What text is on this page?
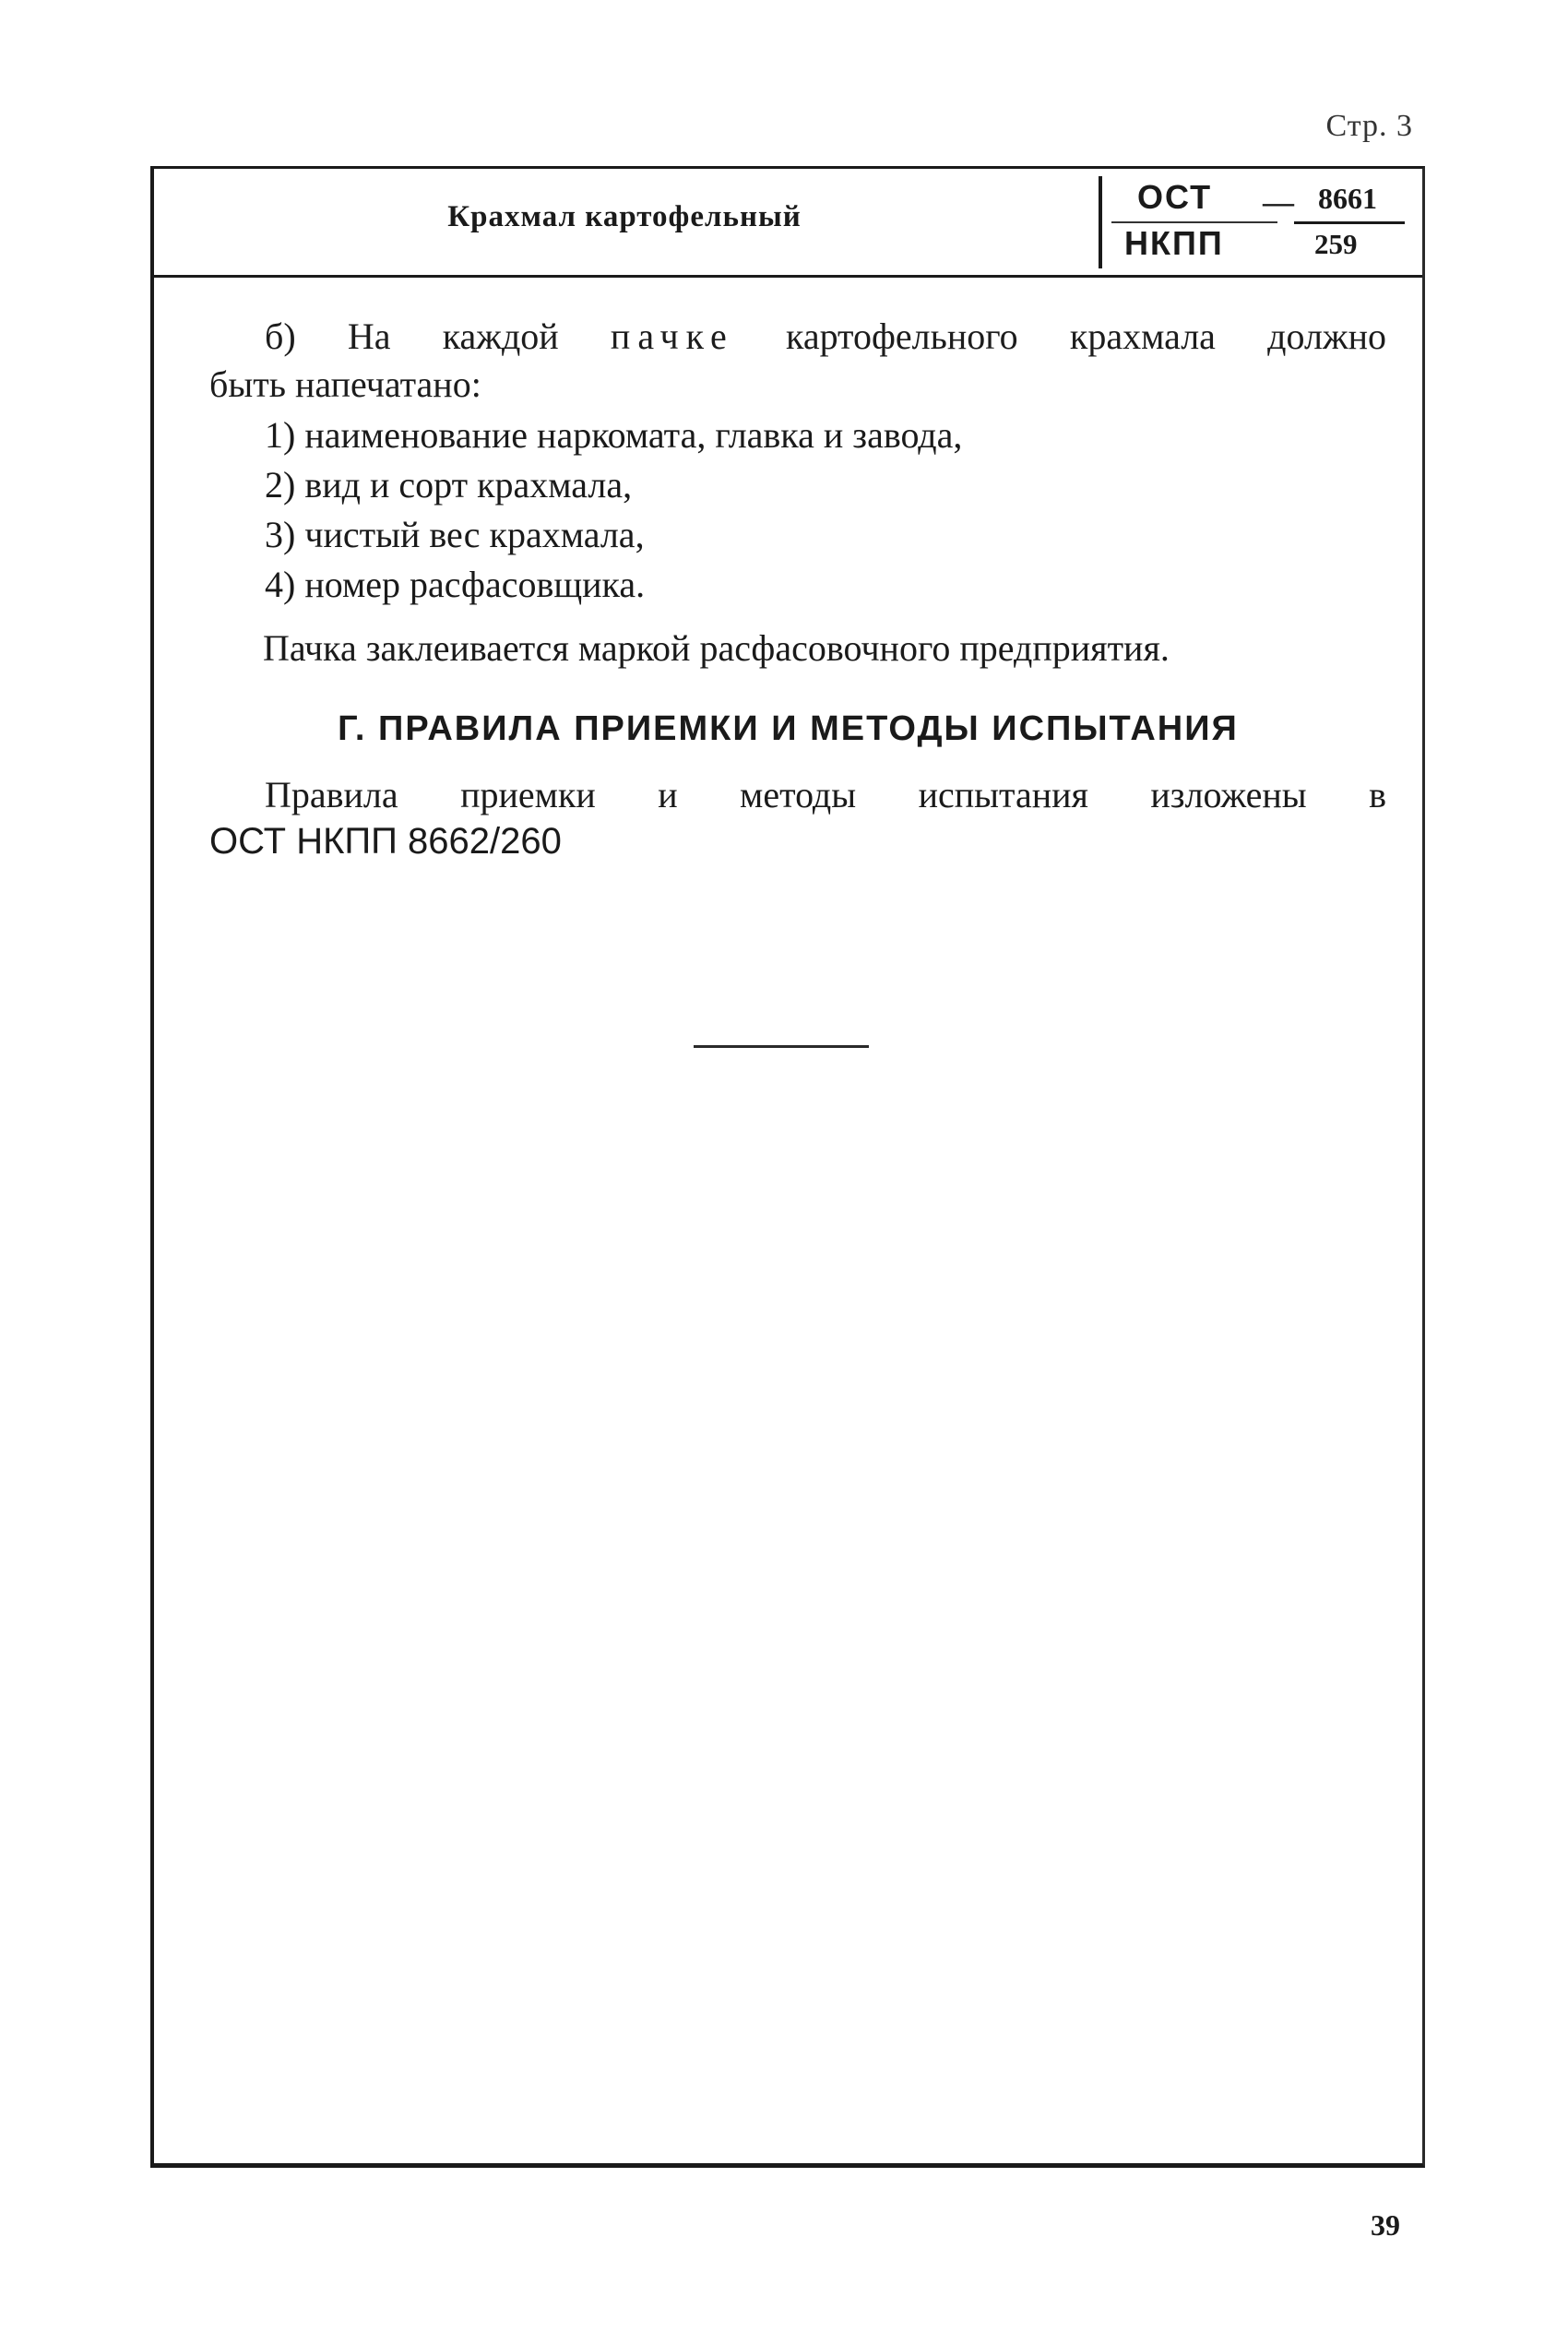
Стр. 3
Крахмал картофельный
ОСТ
НКПП
— 8661
259
б) На каждой пачке картофельного крахмала должно
быть напечатано:
1) наименование наркомата, главка и завода,
2) вид и сорт крахмала,
3) чистый вес крахмала,
4) номер расфасовщика.
Пачка заклеивается маркой расфасовочного предприятия.
Г. ПРАВИЛА ПРИЕМКИ И МЕТОДЫ ИСПЫТАНИЯ
Правила приемки и методы испытания изложены в
ОСТ НКПП 8662/260
39
